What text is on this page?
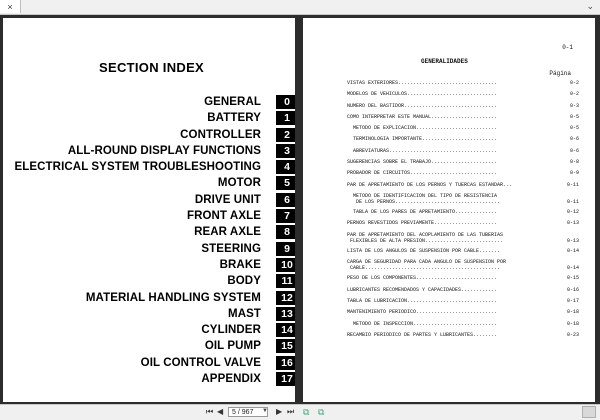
×	⌄
SECTION INDEX
GENERAL	0
BATTERY	1
CONTROLLER	2
ALL-ROUND DISPLAY FUNCTIONS	3
ELECTRICAL SYSTEM TROUBLESHOOTING	4
MOTOR	5
DRIVE UNIT	6
FRONT AXLE	7
REAR AXLE	8
STEERING	9
BRAKE	10
BODY	11
MATERIAL HANDLING SYSTEM	12
MAST	13
CYLINDER	14
OIL PUMP	15
OIL CONTROL VALVE	16
APPENDIX	17
0-1
GENERALIDADES
Página
VISTAS EXTERIORES.................................	0-2
MODELOS DE VEHICULOS..............................	0-2
NUMERO DEL BASTIDOR...............................	0-3
COMO INTERPRETAR ESTE MANUAL......................	0-5
METODO DE EXPLICACION...........................	0-5
TERMINOLOGIA IMPORTANTE.........................	0-6
ABREVIATURAS....................................	0-6
SUGERENCIAS SOBRE EL TRABAJO......................	0-8
PROBADOR DE CIRCUITOS.............................	0-9
PAR DE APRETAMIENTO DE LOS PERNOS Y TUERCAS ESTANDAR...	0-11
METODO DE IDENTIFICACION DEL TIPO DE RESISTENCIA
DE LOS PERNOS...................................	0-11
TABLA DE LOS PARES DE APRETAMIENTO..............	0-12
PERNOS REVESTIDOS PREVIAMENTE.....................	0-13
PAR DE APRETAMIENTO DEL ACOPLAMIENTO DE LAS TUBERIAS
FLEXIBLES DE ALTA PRESION..........................	0-13
LISTA DE LOS ANGULOS DE SUSPENSION POR CABLE.......	0-14
CARGA DE SEGURIDAD PARA CADA ANGULO DE SUSPENSION POR
CABLE.............................................	0-14
PESO DE LOS COMPONENTES...........................	0-15
LUBRICANTES RECOMENDADOS Y CAPACIDADES............	0-16
TABLA DE LUBRICACION..............................	0-17
MANTENIMIENTO PERIODICO...........................	0-18
METODO DE INSPECCION............................	0-18
RECAMBIO PERIODICO DE PARTES Y LUBRICANTES........	0-23
⏮ ◀	5 / 967	▼ ▶ ⏭ ⧉ ⧉
